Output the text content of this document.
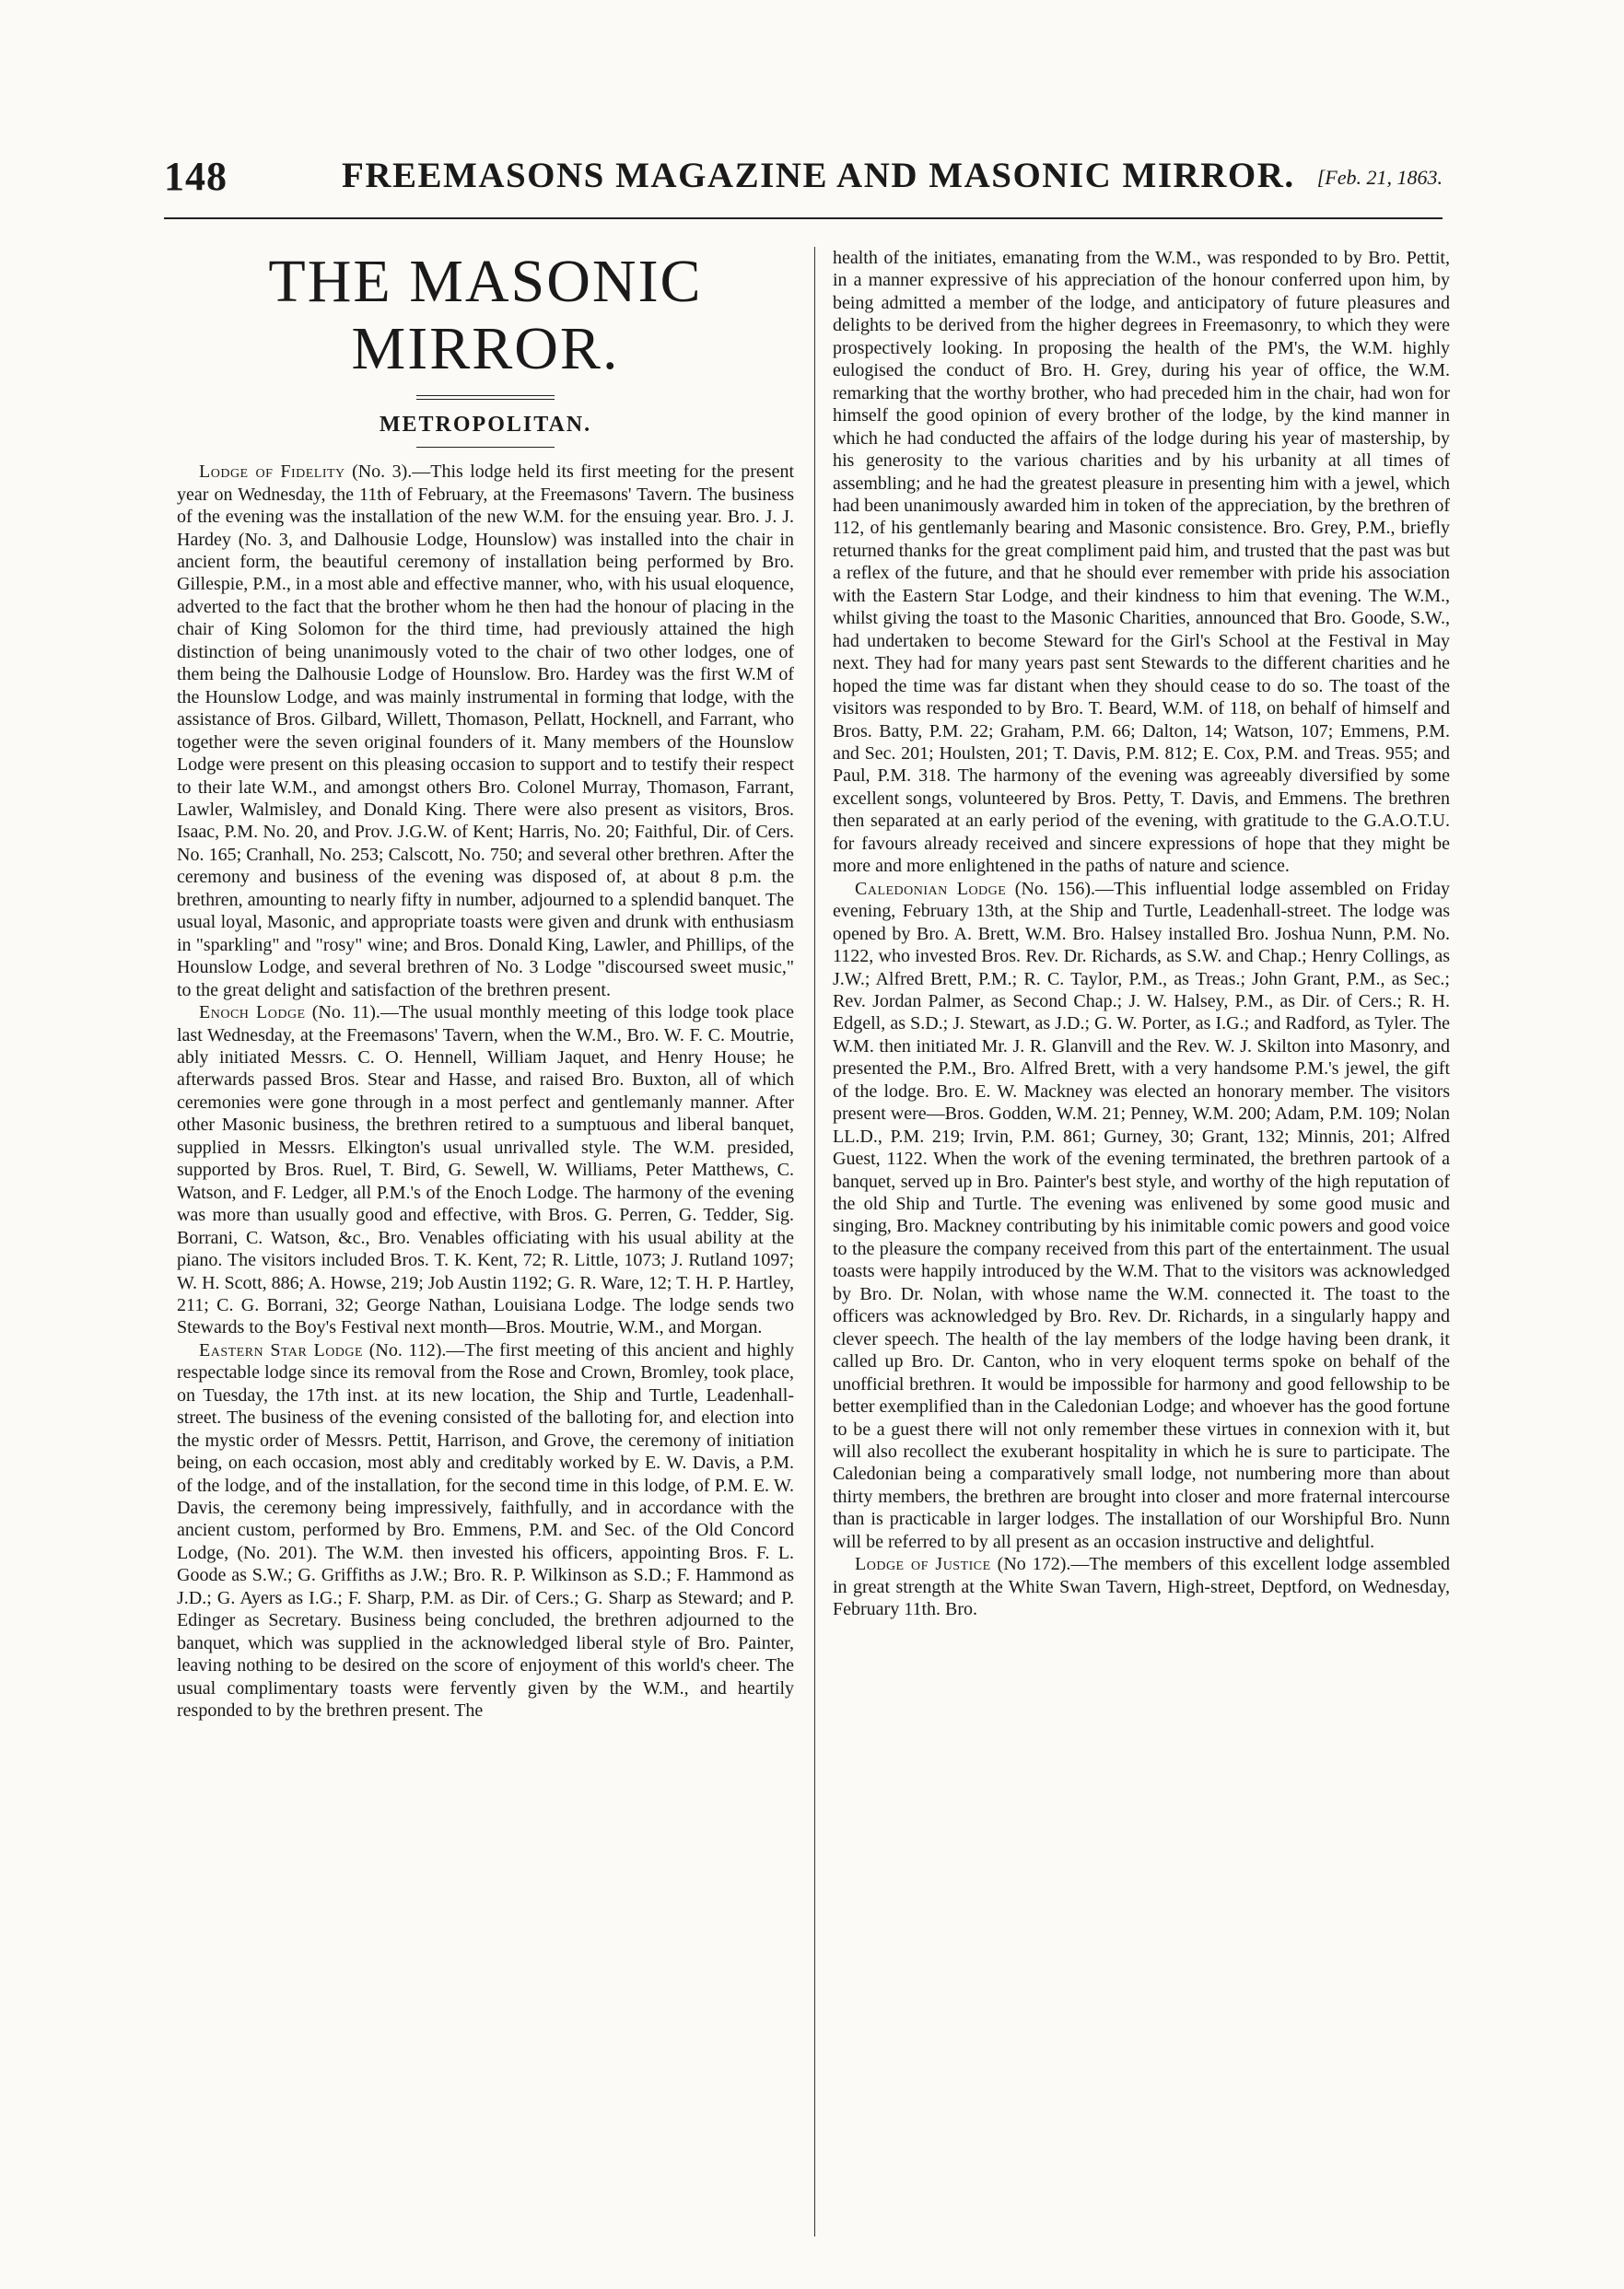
148	FREEMASONS MAGAZINE AND MASONIC MIRROR. [Feb. 21, 1863.
THE MASONIC MIRROR.
METROPOLITAN.

Lodge of Fidelity (No. 3).—This lodge held its first meeting for the present year on Wednesday, the 11th of February, at the Freemasons' Tavern. The business of the evening was the installation of the new W.M. for the ensuing year. Bro. J. J. Hardey (No. 3, and Dalhousie Lodge, Hounslow) was installed into the chair in ancient form, the beautiful ceremony of installation being performed by Bro. Gillespie, P.M., in a most able and effective manner, who, with his usual eloquence, adverted to the fact that the brother whom he then had the honour of placing in the chair of King Solomon for the third time, had previously attained the high distinction of being unanimously voted to the chair of two other lodges, one of them being the Dalhousie Lodge of Hounslow. Bro. Hardey was the first W.M of the Hounslow Lodge, and was mainly instrumental in forming that lodge, with the assistance of Bros. Gilbard, Willett, Thomason, Pellatt, Hocknell, and Farrant, who together were the seven original founders of it. Many members of the Hounslow Lodge were present on this pleasing occasion to support and to testify their respect to their late W.M., and amongst others Bro. Colonel Murray, Thomason, Farrant, Lawler, Walmisley, and Donald King. There were also present as visitors, Bros. Isaac, P.M. No. 20, and Prov. J.G.W. of Kent; Harris, No. 20; Faithful, Dir. of Cers. No. 165; Cranhall, No. 253; Calscott, No. 750; and several other brethren. After the ceremony and business of the evening was disposed of, at about 8 p.m. the brethren, amounting to nearly fifty in number, adjourned to a splendid banquet. The usual loyal, Masonic, and appropriate toasts were given and drunk with enthusiasm in "sparkling" and "rosy" wine; and Bros. Donald King, Lawler, and Phillips, of the Hounslow Lodge, and several brethren of No. 3 Lodge "discoursed sweet music," to the great delight and satisfaction of the brethren present.

Enoch Lodge (No. 11).—The usual monthly meeting of this lodge took place last Wednesday, at the Freemasons' Tavern, when the W.M., Bro. W. F. C. Moutrie, ably initiated Messrs. C. O. Hennell, William Jaquet, and Henry House; he afterwards passed Bros. Stear and Hasse, and raised Bro. Buxton, all of which ceremonies were gone through in a most perfect and gentlemanly manner. After other Masonic business, the brethren retired to a sumptuous and liberal banquet, supplied in Messrs. Elkington's usual unrivalled style. The W.M. presided, supported by Bros. Ruel, T. Bird, G. Sewell, W. Williams, Peter Matthews, C. Watson, and F. Ledger, all P.M.'s of the Enoch Lodge. The harmony of the evening was more than usually good and effective, with Bros. G. Perren, G. Tedder, Sig. Borrani, C. Watson, &c., Bro. Venables officiating with his usual ability at the piano. The visitors included Bros. T. K. Kent, 72; R. Little, 1073; J. Rutland 1097; W. H. Scott, 886; A. Howse, 219; Job Austin 1192; G. R. Ware, 12; T. H. P. Hartley, 211; C. G. Borrani, 32; George Nathan, Louisiana Lodge. The lodge sends two Stewards to the Boy's Festival next month—Bros. Moutrie, W.M., and Morgan.

Eastern Star Lodge (No. 112).—The first meeting of this ancient and highly respectable lodge since its removal from the Rose and Crown, Bromley, took place, on Tuesday, the 17th inst. at its new location, the Ship and Turtle, Leadenhall-street. The business of the evening consisted of the balloting for, and election into the mystic order of Messrs. Pettit, Harrison, and Grove, the ceremony of initiation being, on each occasion, most ably and creditably worked by E. W. Davis, a P.M. of the lodge, and of the installation, for the second time in this lodge, of P.M. E. W. Davis, the ceremony being impressively, faithfully, and in accordance with the ancient custom, performed by Bro. Emmens, P.M. and Sec. of the Old Concord Lodge, (No. 201). The W.M. then invested his officers, appointing Bros. F. L. Goode as S.W.; G. Griffiths as J.W.; Bro. R. P. Wilkinson as S.D.; F. Hammond as J.D.; G. Ayers as I.G.; F. Sharp, P.M. as Dir. of Cers.; G. Sharp as Steward; and P. Edinger as Secretary. Business being concluded, the brethren adjourned to the banquet, which was supplied in the acknowledged liberal style of Bro. Painter, leaving nothing to be desired on the score of enjoyment of this world's cheer. The usual complimentary toasts were fervently given by the W.M., and heartily responded to by the brethren present. The

health of the initiates, emanating from the W.M., was responded to by Bro. Pettit, in a manner expressive of his appreciation of the honour conferred upon him, by being admitted a member of the lodge, and anticipatory of future pleasures and delights to be derived from the higher degrees in Freemasonry, to which they were prospectively looking. In proposing the health of the PM's, the W.M. highly eulogised the conduct of Bro. H. Grey, during his year of office, the W.M. remarking that the worthy brother, who had preceded him in the chair, had won for himself the good opinion of every brother of the lodge, by the kind manner in which he had conducted the affairs of the lodge during his year of mastership, by his generosity to the various charities and by his urbanity at all times of assembling; and he had the greatest pleasure in presenting him with a jewel, which had been unanimously awarded him in token of the appreciation, by the brethren of 112, of his gentlemanly bearing and Masonic consistence. Bro. Grey, P.M., briefly returned thanks for the great compliment paid him, and trusted that the past was but a reflex of the future, and that he should ever remember with pride his association with the Eastern Star Lodge, and their kindness to him that evening. The W.M., whilst giving the toast to the Masonic Charities, announced that Bro. Goode, S.W., had undertaken to become Steward for the Girl's School at the Festival in May next. They had for many years past sent Stewards to the different charities and he hoped the time was far distant when they should cease to do so. The toast of the visitors was responded to by Bro. T. Beard, W.M. of 118, on behalf of himself and Bros. Batty, P.M. 22; Graham, P.M. 66; Dalton, 14; Watson, 107; Emmens, P.M. and Sec. 201; Houlsten, 201; T. Davis, P.M. 812; E. Cox, P.M. and Treas. 955; and Paul, P.M. 318. The harmony of the evening was agreeably diversified by some excellent songs, volunteered by Bros. Petty, T. Davis, and Emmens. The brethren then separated at an early period of the evening, with gratitude to the G.A.O.T.U. for favours already received and sincere expressions of hope that they might be more and more enlightened in the paths of nature and science.

Caledonian Lodge (No. 156).—This influential lodge assembled on Friday evening, February 13th, at the Ship and Turtle, Leadenhall-street. The lodge was opened by Bro. A. Brett, W.M. Bro. Halsey installed Bro. Joshua Nunn, P.M. No. 1122, who invested Bros. Rev. Dr. Richards, as S.W. and Chap.; Henry Collings, as J.W.; Alfred Brett, P.M.; R. C. Taylor, P.M., as Treas.; John Grant, P.M., as Sec.; Rev. Jordan Palmer, as Second Chap.; J. W. Halsey, P.M., as Dir. of Cers.; R. H. Edgell, as S.D.; J. Stewart, as J.D.; G. W. Porter, as I.G.; and Radford, as Tyler. The W.M. then initiated Mr. J. R. Glanvill and the Rev. W. J. Skilton into Masonry, and presented the P.M., Bro. Alfred Brett, with a very handsome P.M.'s jewel, the gift of the lodge. Bro. E. W. Mackney was elected an honorary member. The visitors present were—Bros. Godden, W.M. 21; Penney, W.M. 200; Adam, P.M. 109; Nolan LL.D., P.M. 219; Irvin, P.M. 861; Gurney, 30; Grant, 132; Minnis, 201; Alfred Guest, 1122. When the work of the evening terminated, the brethren partook of a banquet, served up in Bro. Painter's best style, and worthy of the high reputation of the old Ship and Turtle. The evening was enlivened by some good music and singing, Bro. Mackney contributing by his inimitable comic powers and good voice to the pleasure the company received from this part of the entertainment. The usual toasts were happily introduced by the W.M. That to the visitors was acknowledged by Bro. Dr. Nolan, with whose name the W.M. connected it. The toast to the officers was acknowledged by Bro. Rev. Dr. Richards, in a singularly happy and clever speech. The health of the lay members of the lodge having been drank, it called up Bro. Dr. Canton, who in very eloquent terms spoke on behalf of the unofficial brethren. It would be impossible for harmony and good fellowship to be better exemplified than in the Caledonian Lodge; and whoever has the good fortune to be a guest there will not only remember these virtues in connexion with it, but will also recollect the exuberant hospitality in which he is sure to participate. The Caledonian being a comparatively small lodge, not numbering more than about thirty members, the brethren are brought into closer and more fraternal intercourse than is practicable in larger lodges. The installation of our Worshipful Bro. Nunn will be referred to by all present as an occasion instructive and delightful.

Lodge of Justice (No 172).—The members of this excellent lodge assembled in great strength at the White Swan Tavern, High-street, Deptford, on Wednesday, February 11th. Bro.
